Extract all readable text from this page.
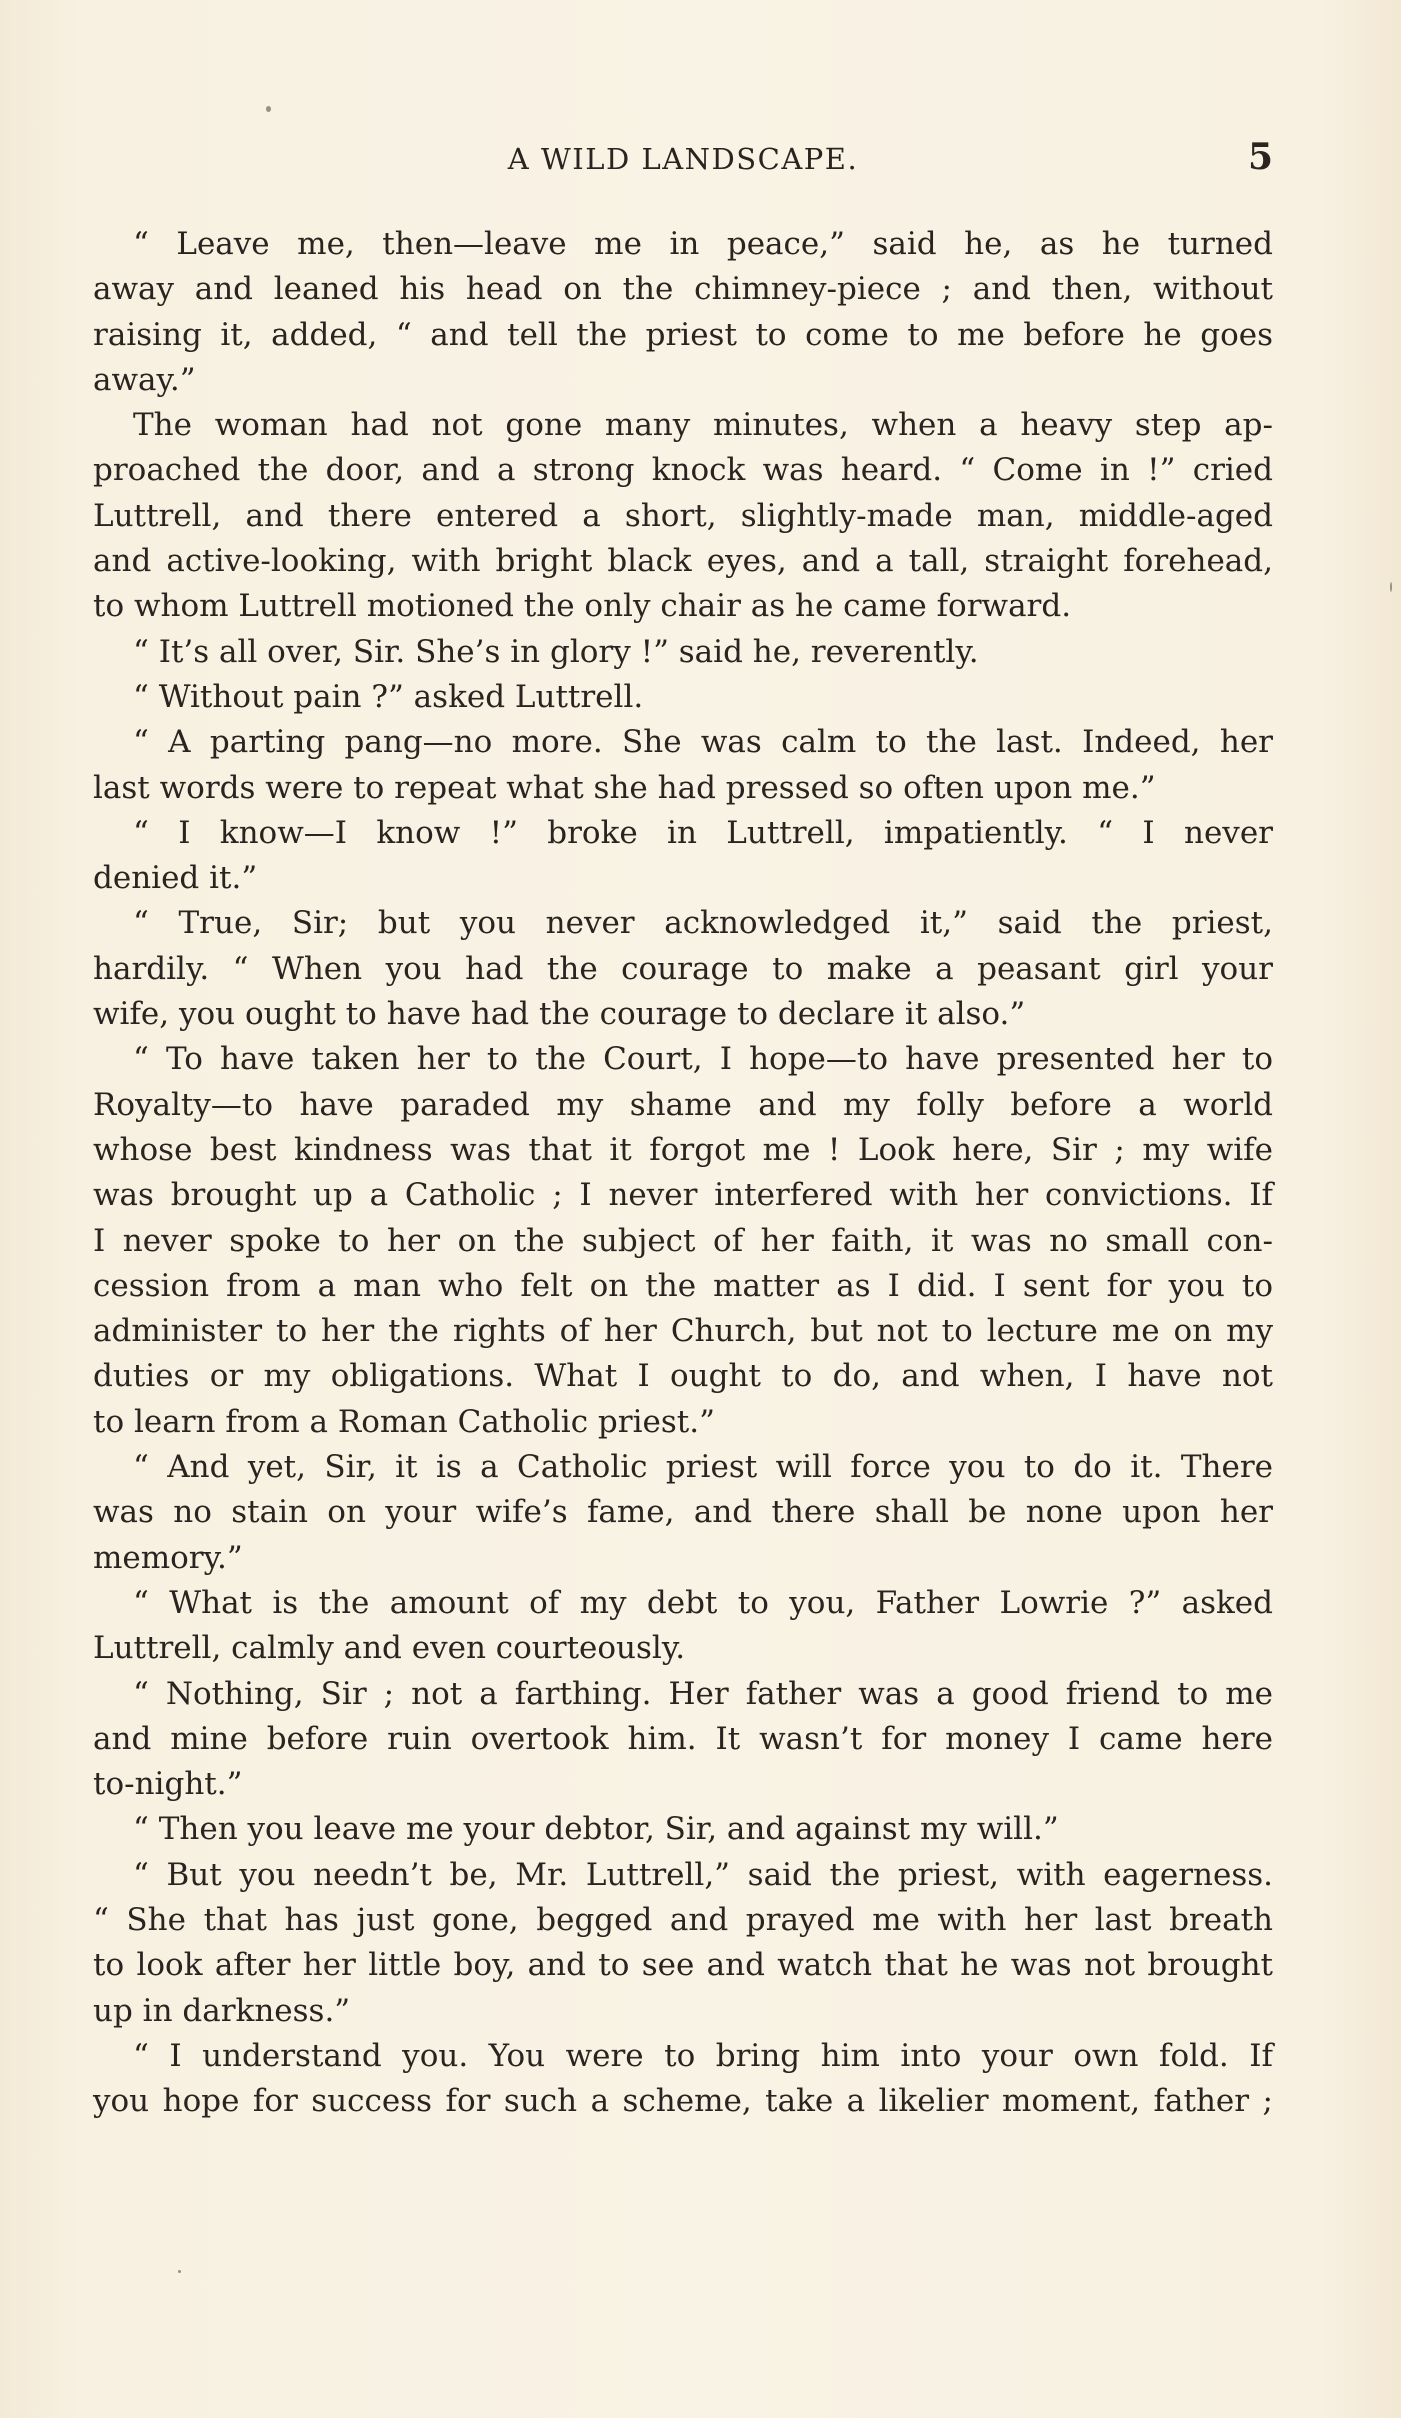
A WILD LANDSCAPE.	5
“ Leave me, then—leave me in peace,” said he, as he turned
away and leaned his head on the chimney-piece ; and then, without
raising it, added, “ and tell the priest to come to me before he goes
away.”
The woman had not gone many minutes, when a heavy step ap-
proached the door, and a strong knock was heard. “ Come in !” cried
Luttrell, and there entered a short, slightly-made man, middle-aged
and active-looking, with bright black eyes, and a tall, straight forehead,
to whom Luttrell motioned the only chair as he came forward.
“ It’s all over, Sir. She’s in glory !” said he, reverently.
“ Without pain ?” asked Luttrell.
“ A parting pang—no more. She was calm to the last. Indeed, her
last words were to repeat what she had pressed so often upon me.”
“ I know—I know !” broke in Luttrell, impatiently. “ I never
denied it.”
“ True, Sir; but you never acknowledged it,” said the priest,
hardily. “ When you had the courage to make a peasant girl your
wife, you ought to have had the courage to declare it also.”
“ To have taken her to the Court, I hope—to have presented her to
Royalty—to have paraded my shame and my folly before a world
whose best kindness was that it forgot me ! Look here, Sir ; my wife
was brought up a Catholic ; I never interfered with her convictions. If
I never spoke to her on the subject of her faith, it was no small con-
cession from a man who felt on the matter as I did. I sent for you to
administer to her the rights of her Church, but not to lecture me on my
duties or my obligations. What I ought to do, and when, I have not
to learn from a Roman Catholic priest.”
“ And yet, Sir, it is a Catholic priest will force you to do it. There
was no stain on your wife’s fame, and there shall be none upon her
memory.”
“ What is the amount of my debt to you, Father Lowrie ?” asked
Luttrell, calmly and even courteously.
“ Nothing, Sir ; not a farthing. Her father was a good friend to me
and mine before ruin overtook him. It wasn’t for money I came here
to-night.”
“ Then you leave me your debtor, Sir, and against my will.”
“ But you needn’t be, Mr. Luttrell,” said the priest, with eagerness.
“ She that has just gone, begged and prayed me with her last breath
to look after her little boy, and to see and watch that he was not brought
up in darkness.”
“ I understand you. You were to bring him into your own fold. If
you hope for success for such a scheme, take a likelier moment, father ;
